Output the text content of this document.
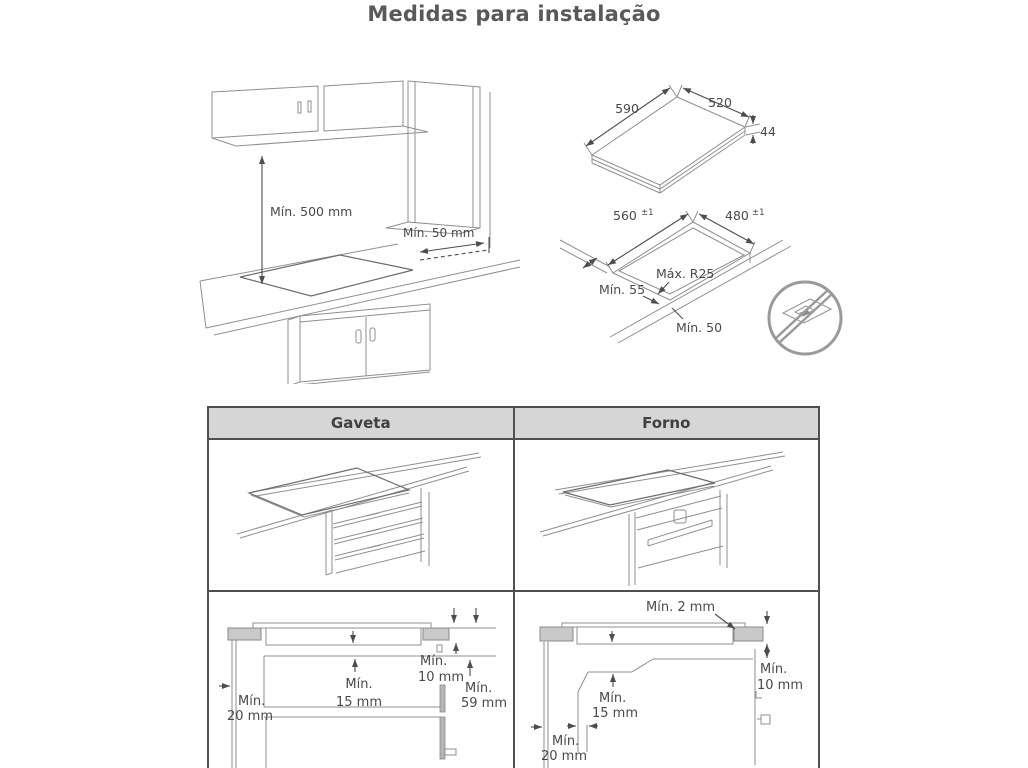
Medidas para instalação
Mín. 500 mm
Mín. 50 mm
590	520
44
560 ±1	480 ±1
Máx. R25
Mín. 55
Mín. 50
Gaveta	Forno
Mín.
15 mm
Mín.
20 mm
Mín.
10 mm
Mín.
59 mm
Mín. 2 mm
Mín.
10 mm
Mín.
15 mm
Mín.
20 mm
